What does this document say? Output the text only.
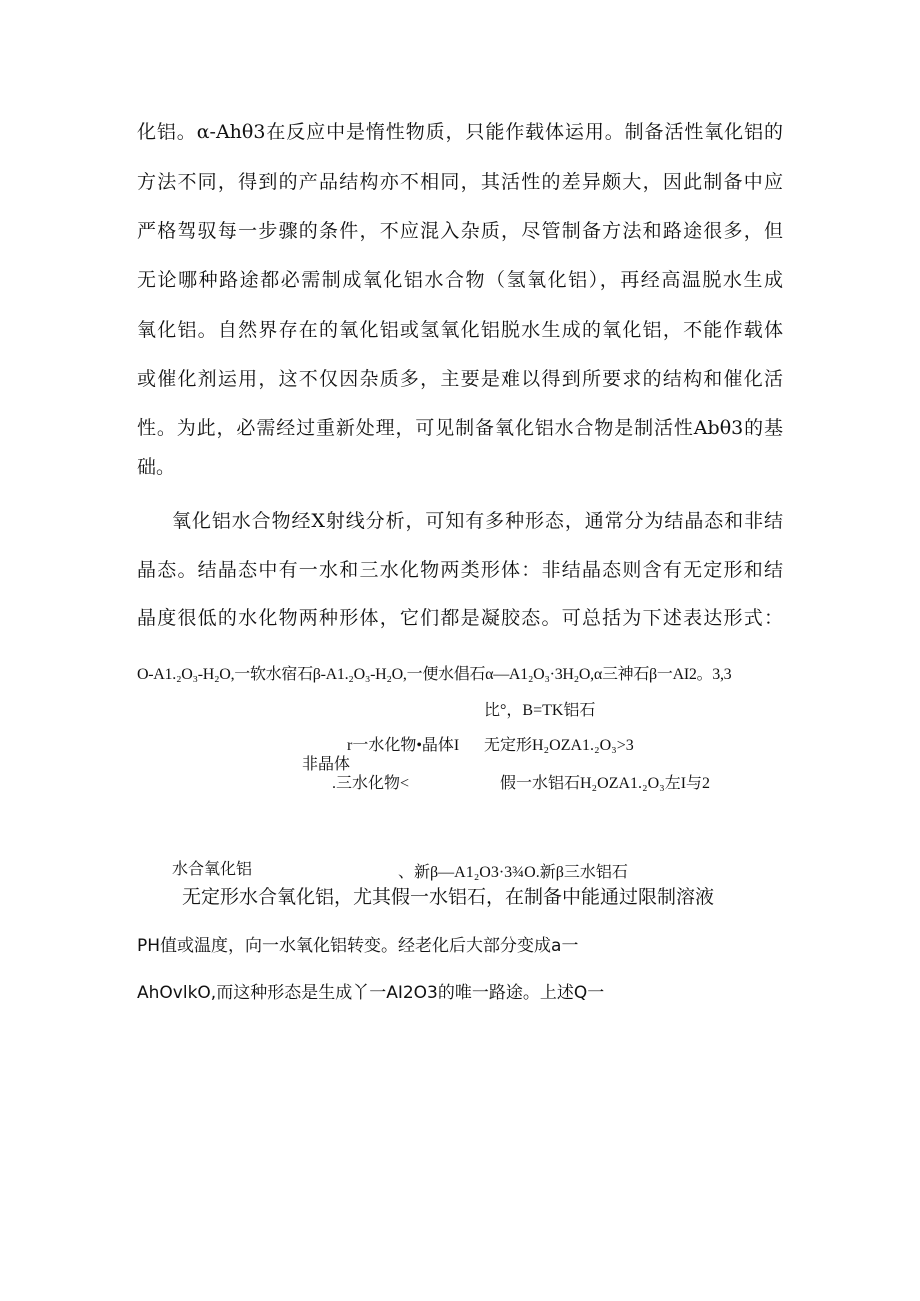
化铝。α-Ahθ3在反应中是惰性物质，只能作载体运用。制备活性氧化铝的
方法不同，得到的产品结构亦不相同，其活性的差异颇大，因此制备中应
严格驾驭每一步骤的条件，不应混入杂质，尽管制备方法和路途很多，但
无论哪种路途都必需制成氧化铝水合物（氢氧化铝），再经高温脱水生成
氧化铝。自然界存在的氧化铝或氢氧化铝脱水生成的氧化铝，不能作载体
或催化剂运用，这不仅因杂质多，主要是难以得到所要求的结构和催化活
性。为此，必需经过重新处理，可见制备氧化铝水合物是制活性Abθ3的基
础。
氧化铝水合物经X射线分析，可知有多种形态，通常分为结晶态和非结
晶态。结晶态中有一水和三水化物两类形体：非结晶态则含有无定形和结
晶度很低的水化物两种形体，它们都是凝胶态。可总括为下述表达形式：
O-A1.₂O₃-H₂O,一软水宿石β-A1.₂O₃-H₂O,一便水倡石α—A1₂O₃·3H₂O,α三神石β一AI2。3,3
比°，B=TK铝石
r一水化物•晶体I 无定形H₂OZA1.₂O₃>3
非晶体
.三水化物<	假一水铝石H₂OZA1.₂O₃左I与2
水合氧化铝	、新β—A1₂O3·3¾O.新β三水铝石
无定形水合氧化铝，尤其假一水铝石，在制备中能通过限制溶液
PH值或温度，向一水氧化铝转变。经老化后大部分变成a一
AhOvlkO,而这种形态是生成丫一AI2O3的唯一路途。上述Q一
